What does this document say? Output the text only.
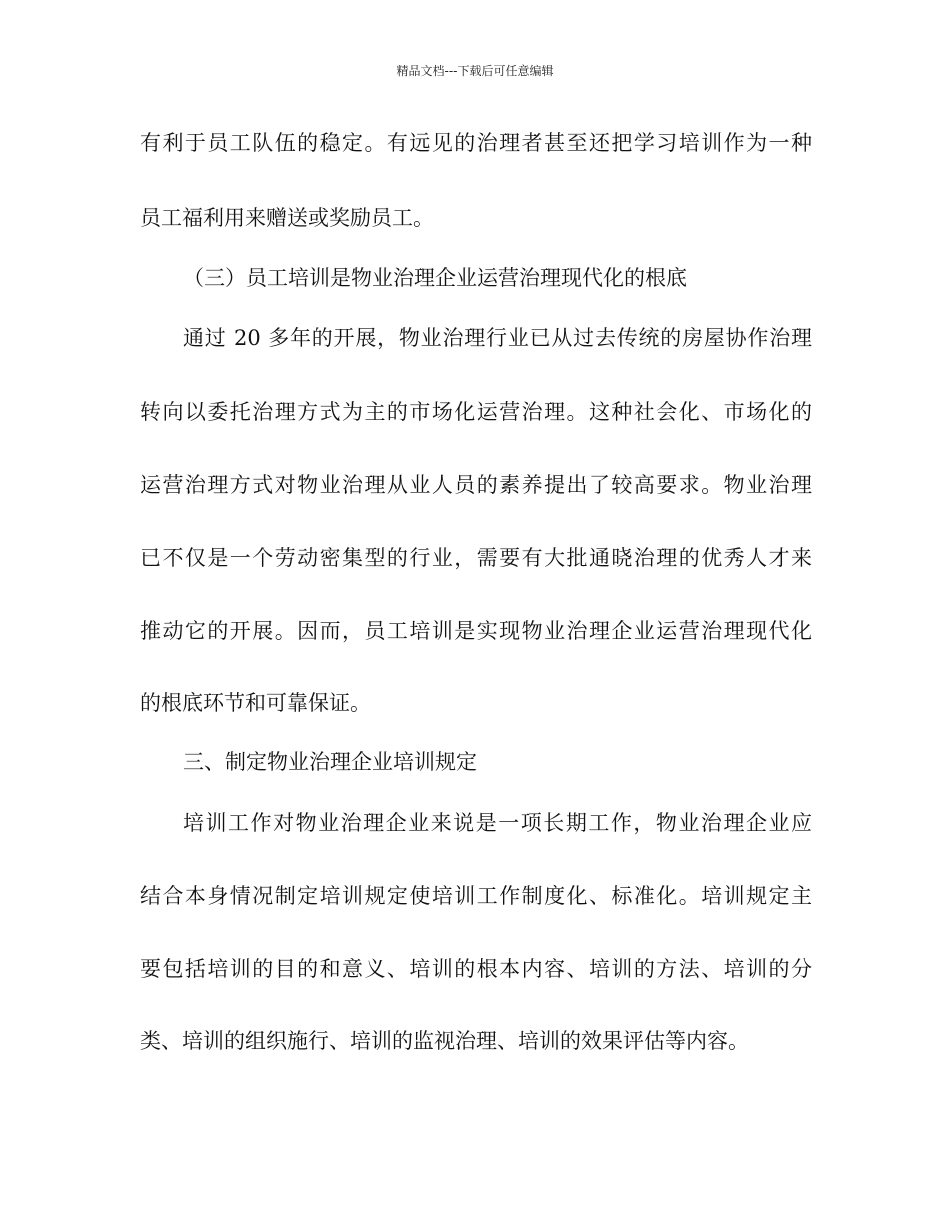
精品文档---下载后可任意编辑
有利于员工队伍的稳定。有远见的治理者甚至还把学习培训作为一种
员工福利用来赠送或奖励员工。
（三）员工培训是物业治理企业运营治理现代化的根底
通过 20 多年的开展，物业治理行业已从过去传统的房屋协作治理
转向以委托治理方式为主的市场化运营治理。这种社会化、市场化的
运营治理方式对物业治理从业人员的素养提出了较高要求。物业治理
已不仅是一个劳动密集型的行业，需要有大批通晓治理的优秀人才来
推动它的开展。因而，员工培训是实现物业治理企业运营治理现代化
的根底环节和可靠保证。
三、制定物业治理企业培训规定
培训工作对物业治理企业来说是一项长期工作，物业治理企业应
结合本身情况制定培训规定使培训工作制度化、标准化。培训规定主
要包括培训的目的和意义、培训的根本内容、培训的方法、培训的分
类、培训的组织施行、培训的监视治理、培训的效果评估等内容。
